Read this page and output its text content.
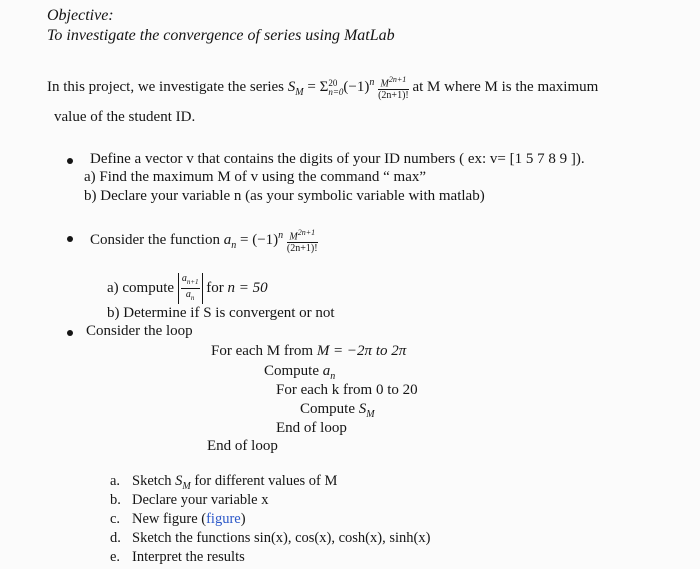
Objective:
To investigate the convergence of series using MatLab
In this project, we investigate the series $S_M = \Sigma$ 20
n=0 $(-1)^n \frac{M^{2n+1}}{(2n+1)!}$ at M where M is the maximum
value of the student ID.
Define a vector v that contains the digits of your ID numbers ( ex: v= [1 5 7 8 9 ]).
a) Find the maximum M of v using the command “ max”
b) Declare your variable n (as your symbolic variable with matlab)
Consider the function $a_n = (-1)^n \frac{M^{2n+1}}{(2n+1)!}$
a) compute $\frac{a_{n+1}}{a_n}$ for n = 50
b) Determine if S is convergent or not
Consider the loop
For each M from M = −2π to 2π
Compute $a_n$
For each k from 0 to 20
Compute $S_M$
End of loop
End of loop
a. Sketch $S_M$ for different values of M
b. Declare your variable x
c. New figure (figure)
d. Sketch the functions sin(x), cos(x), cosh(x), sinh(x)
e. Interpret the results
